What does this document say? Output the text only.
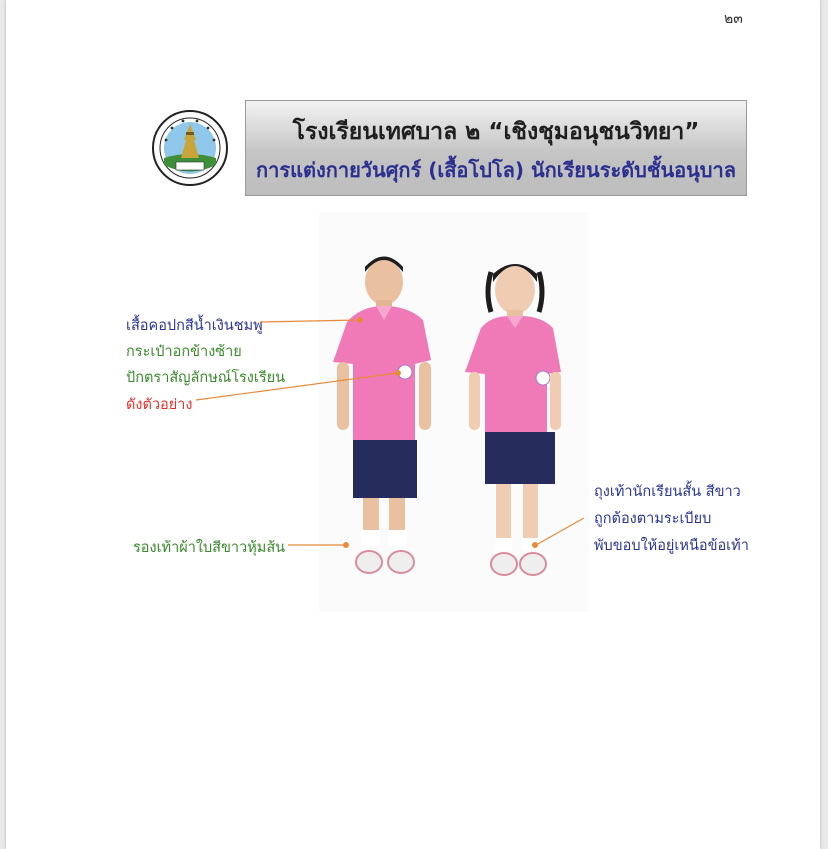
๒๓
โรงเรียนเทศบาล ๒ “เชิงชุมอนุชนวิทยา”
การแต่งกายวันศุกร์ (เสื้อโปโล) นักเรียนระดับชั้นอนุบาล
เสื้อคอปกสีน้ำเงินชมพู
กระเป๋าอกข้างซ้าย
ปักตราสัญลักษณ์โรงเรียน
ดังตัวอย่าง
รองเท้าผ้าใบสีขาวหุ้มส้น
ถุงเท้านักเรียนสั้น สีขาว
ถูกต้องตามระเบียบ
พับขอบให้อยู่เหนือข้อเท้า
